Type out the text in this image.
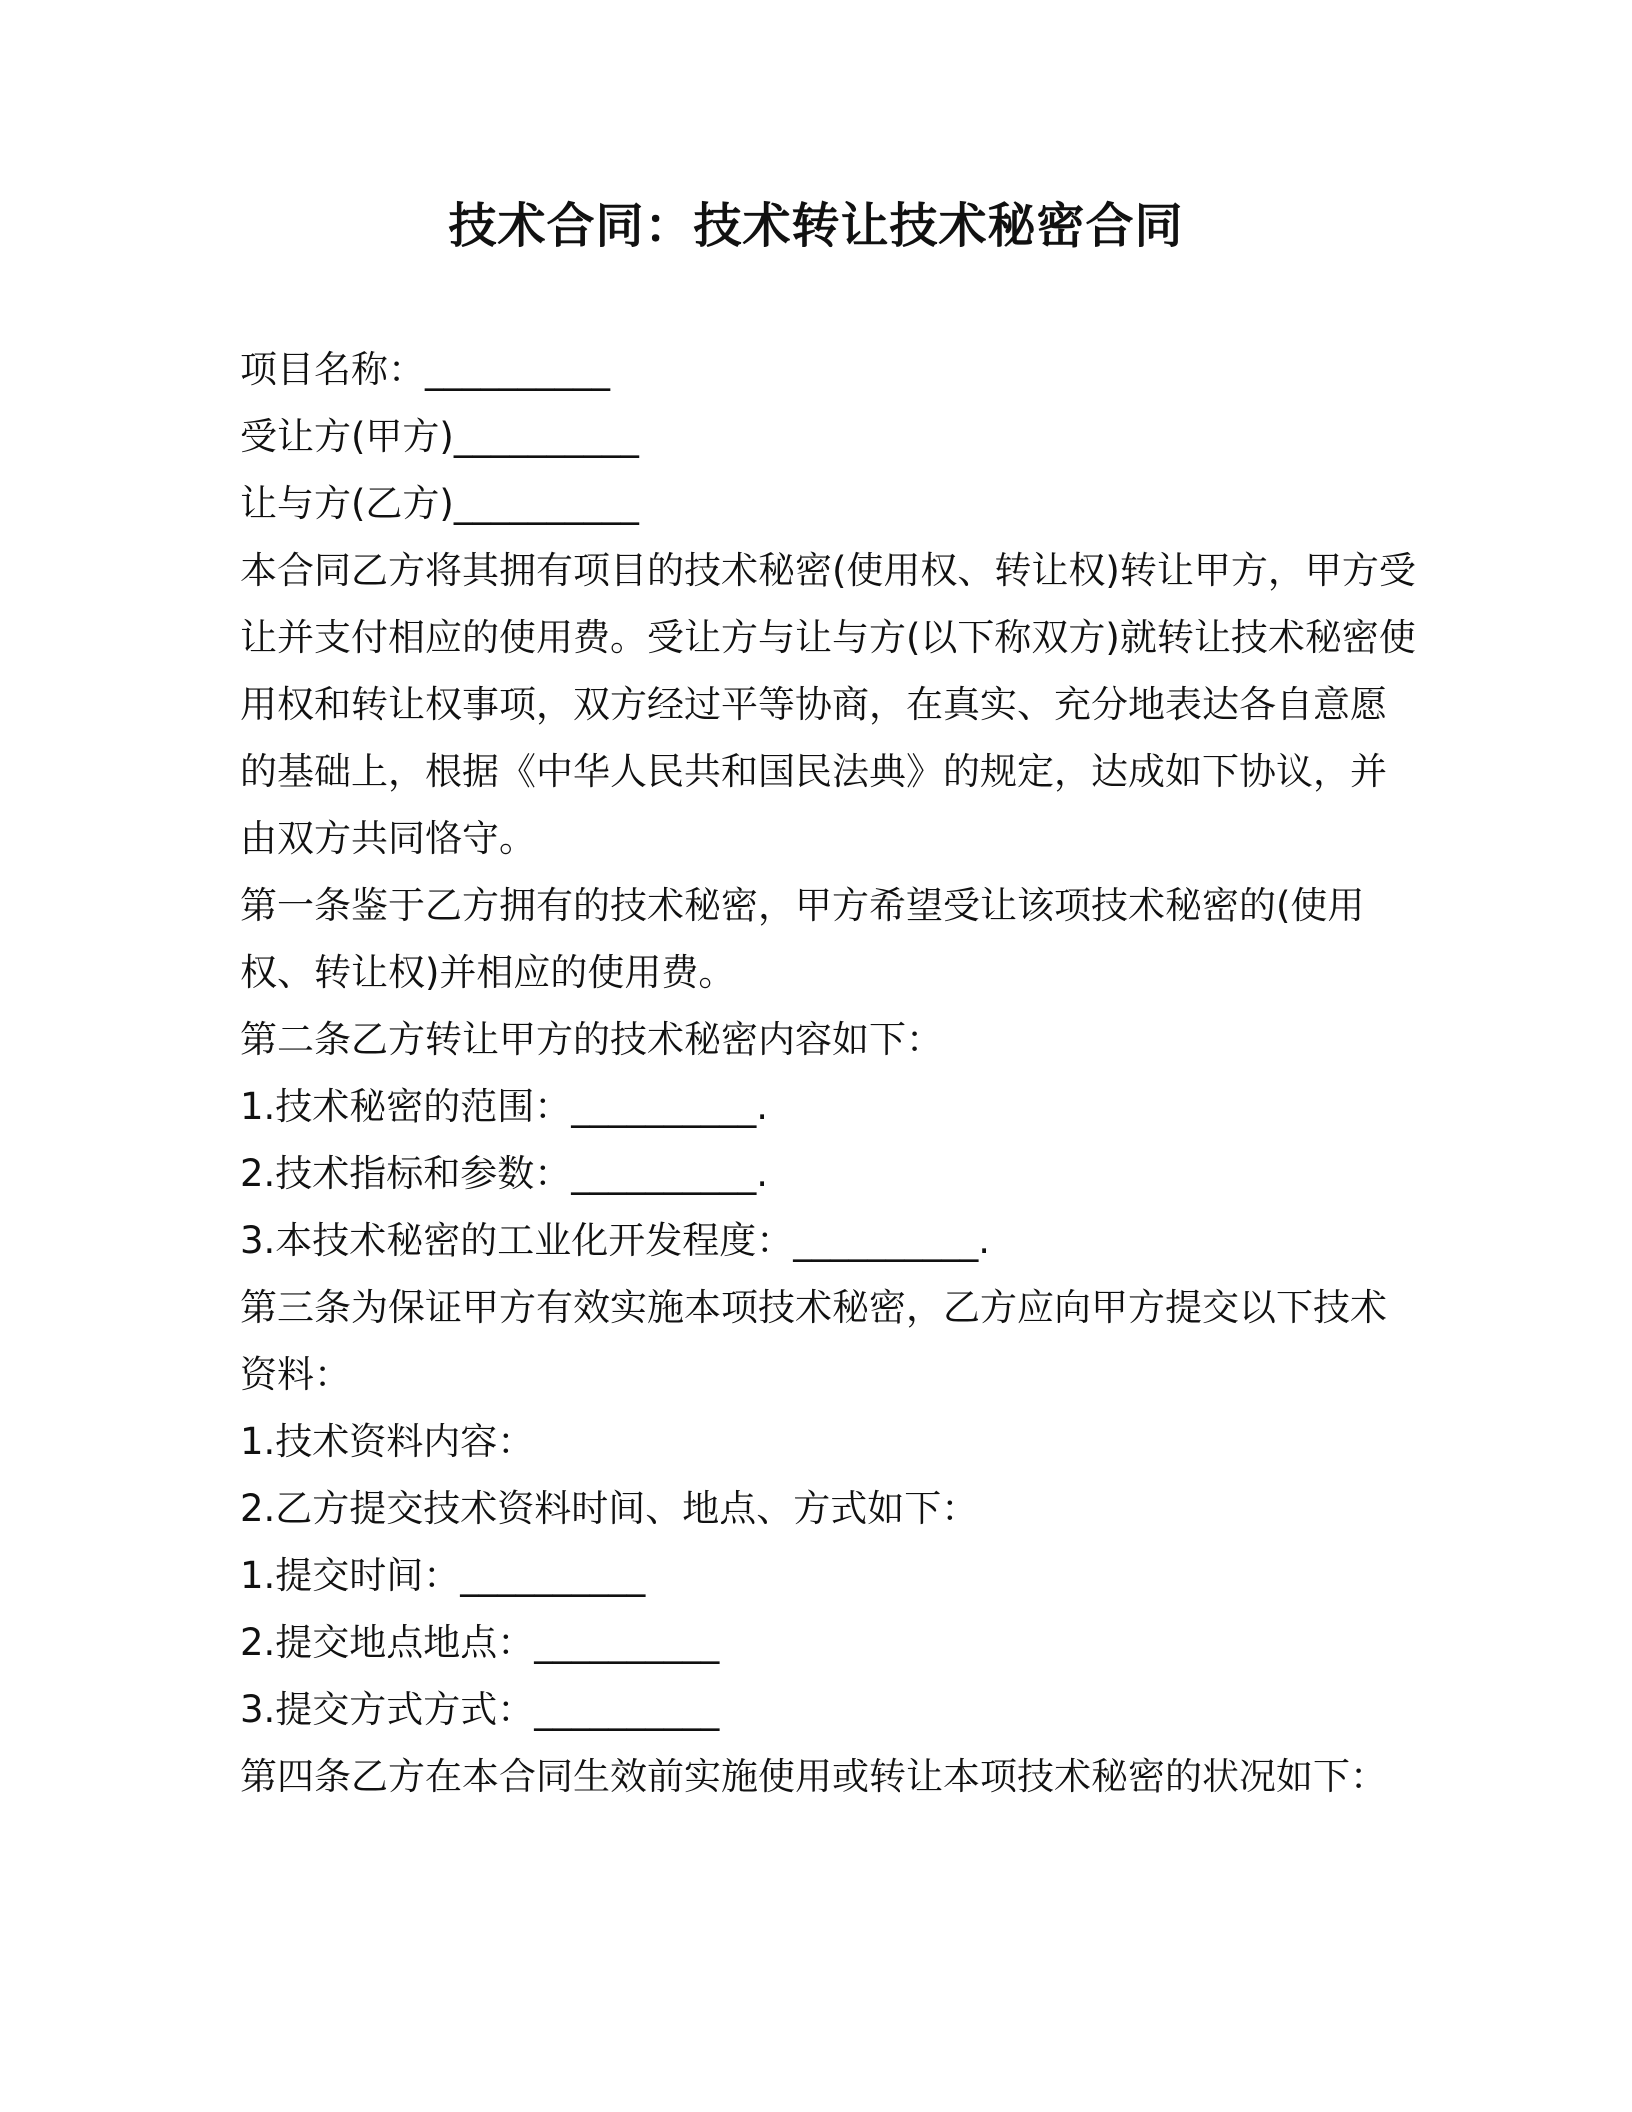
技术合同：技术转让技术秘密合同
项目名称：__________
受让方(甲方)__________
让与方(乙方)__________
本合同乙方将其拥有项目的技术秘密(使用权、转让权)转让甲方，甲方受让并支付相应的使用费。受让方与让与方(以下称双方)就转让技术秘密使用权和转让权事项，双方经过平等协商，在真实、充分地表达各自意愿的基础上，根据《中华人民共和国民法典》的规定，达成如下协议，并由双方共同恪守。
第一条鉴于乙方拥有的技术秘密，甲方希望受让该项技术秘密的(使用权、转让权)并相应的使用费。
第二条乙方转让甲方的技术秘密内容如下：
1.技术秘密的范围：__________.
2.技术指标和参数：__________.
3.本技术秘密的工业化开发程度：__________.
第三条为保证甲方有效实施本项技术秘密，乙方应向甲方提交以下技术资料：
1.技术资料内容：
2.乙方提交技术资料时间、地点、方式如下：
1.提交时间：__________
2.提交地点地点：__________
3.提交方式方式：__________
第四条乙方在本合同生效前实施使用或转让本项技术秘密的状况如下：
